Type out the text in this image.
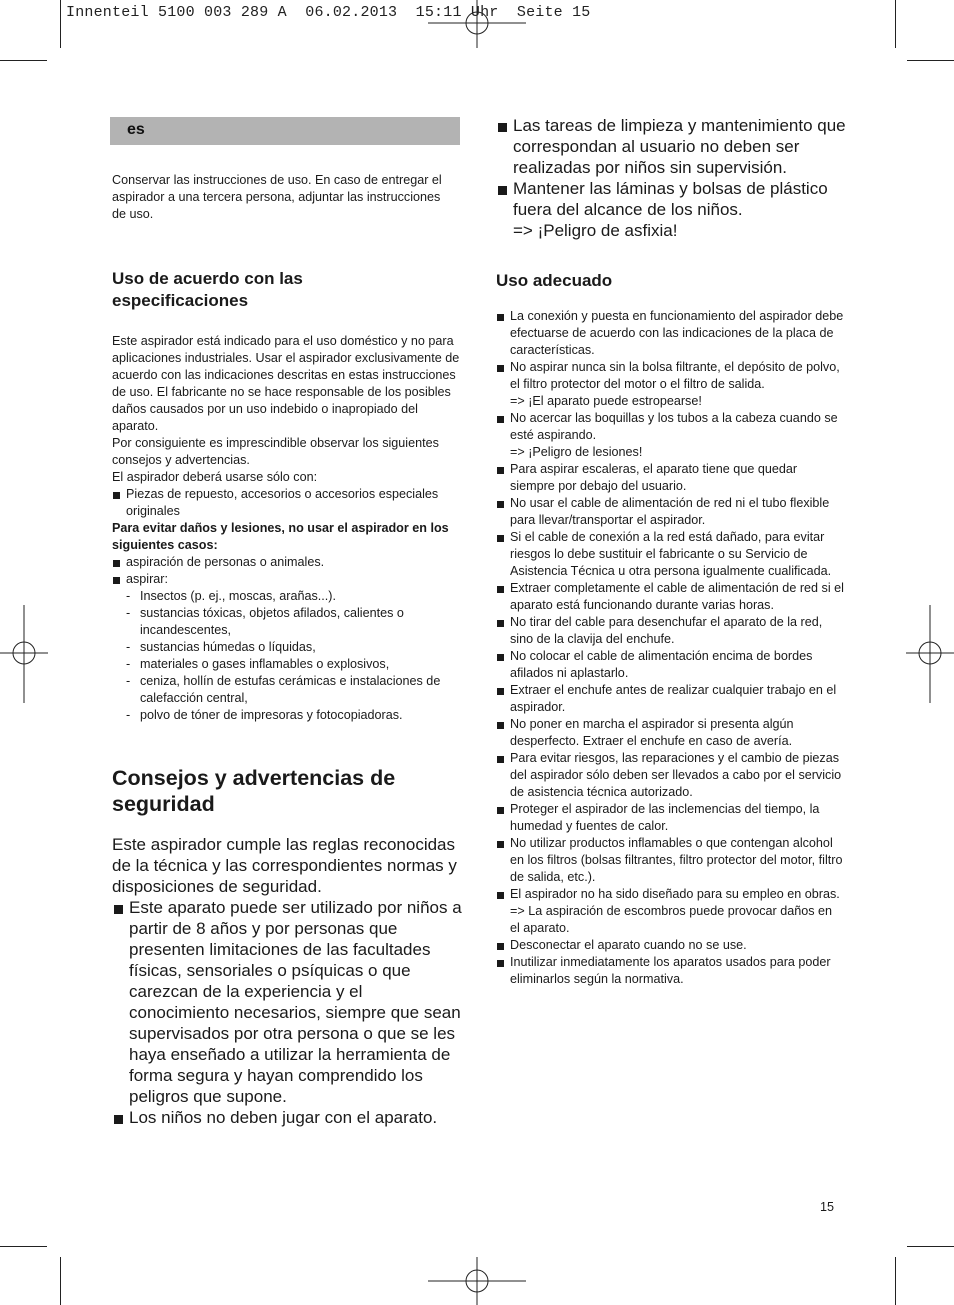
Innenteil 5100 003 289 A  06.02.2013  15:11 Uhr  Seite 15
es

Conservar las instrucciones de uso. En caso de entregar el aspirador a una tercera persona, adjuntar las instrucciones de uso.

Uso de acuerdo con las especificaciones
Este aspirador está indicado para el uso doméstico y no para aplicaciones industriales. Usar el aspirador exclusivamente de acuerdo con las indicaciones descritas en estas instrucciones de uso. El fabricante no se hace responsable de los posibles daños causados por un uso indebido o inapropiado del aparato.
Por consiguiente es imprescindible observar los siguientes consejos y advertencias.
El aspirador deberá usarse sólo con:
Piezas de repuesto, accesorios o accesorios especiales originales
Para evitar daños y lesiones, no usar el aspirador en los siguientes casos:
aspiración de personas o animales.
aspirar:
- Insectos (p. ej., moscas, arañas...).
- sustancias tóxicas, objetos afilados, calientes o incandescentes,
- sustancias húmedas o líquidas,
- materiales o gases inflamables o explosivos,
- ceniza, hollín de estufas cerámicas e instalaciones de calefacción central,
- polvo de tóner de impresoras y fotocopiadoras.
Consejos y advertencias de seguridad
Este aspirador cumple las reglas reconocidas de la técnica y las correspondientes normas y disposiciones de seguridad.
Este aparato puede ser utilizado por niños a partir de 8 años y por personas que presenten limitaciones de las facultades físicas, sensoriales o psíquicas o que carezcan de la experiencia y el conocimiento necesarios, siempre que sean supervisados por otra persona o que se les haya enseñado a utilizar la herramienta de forma segura y hayan comprendido los peligros que supone.
Los niños no deben jugar con el aparato.
Las tareas de limpieza y mantenimiento que correspondan al usuario no deben ser realizadas por niños sin supervisión.
Mantener las láminas y bolsas de plástico fuera del alcance de los niños.
=> ¡Peligro de asfixia!
Uso adecuado
La conexión y puesta en funcionamiento del aspirador debe efectuarse de acuerdo con las indicaciones de la placa de características.
No aspirar nunca sin la bolsa filtrante, el depósito de polvo, el filtro protector del motor o el filtro de salida.
=> ¡El aparato puede estropearse!
No acercar las boquillas y los tubos a la cabeza cuando se esté aspirando.
=> ¡Peligro de lesiones!
Para aspirar escaleras, el aparato tiene que quedar siempre por debajo del usuario.
No usar el cable de alimentación de red ni el tubo flexible para llevar/transportar el aspirador.
Si el cable de conexión a la red está dañado, para evitar riesgos lo debe sustituir el fabricante o su Servicio de Asistencia Técnica u otra persona igualmente cualificada.
Extraer completamente el cable de alimentación de red si el aparato está funcionando durante varias horas.
No tirar del cable para desenchufar el aparato de la red, sino de la clavija del enchufe.
No colocar el cable de alimentación encima de bordes afilados ni aplastarlo.
Extraer el enchufe antes de realizar cualquier trabajo en el aspirador.
No poner en marcha el aspirador si presenta algún desperfecto. Extraer el enchufe en caso de avería.
Para evitar riesgos, las reparaciones y el cambio de piezas del aspirador sólo deben ser llevados a cabo por el servicio de asistencia técnica autorizado.
Proteger el aspirador de las inclemencias del tiempo, la humedad y fuentes de calor.
No utilizar productos inflamables o que contengan alcohol en los filtros (bolsas filtrantes, filtro protector del motor, filtro de salida, etc.).
El aspirador no ha sido diseñado para su empleo en obras.
=> La aspiración de escombros puede provocar daños en el aparato.
Desconectar el aparato cuando no se use.
Inutilizar inmediatamente los aparatos usados para poder eliminarlos según la normativa.
15
